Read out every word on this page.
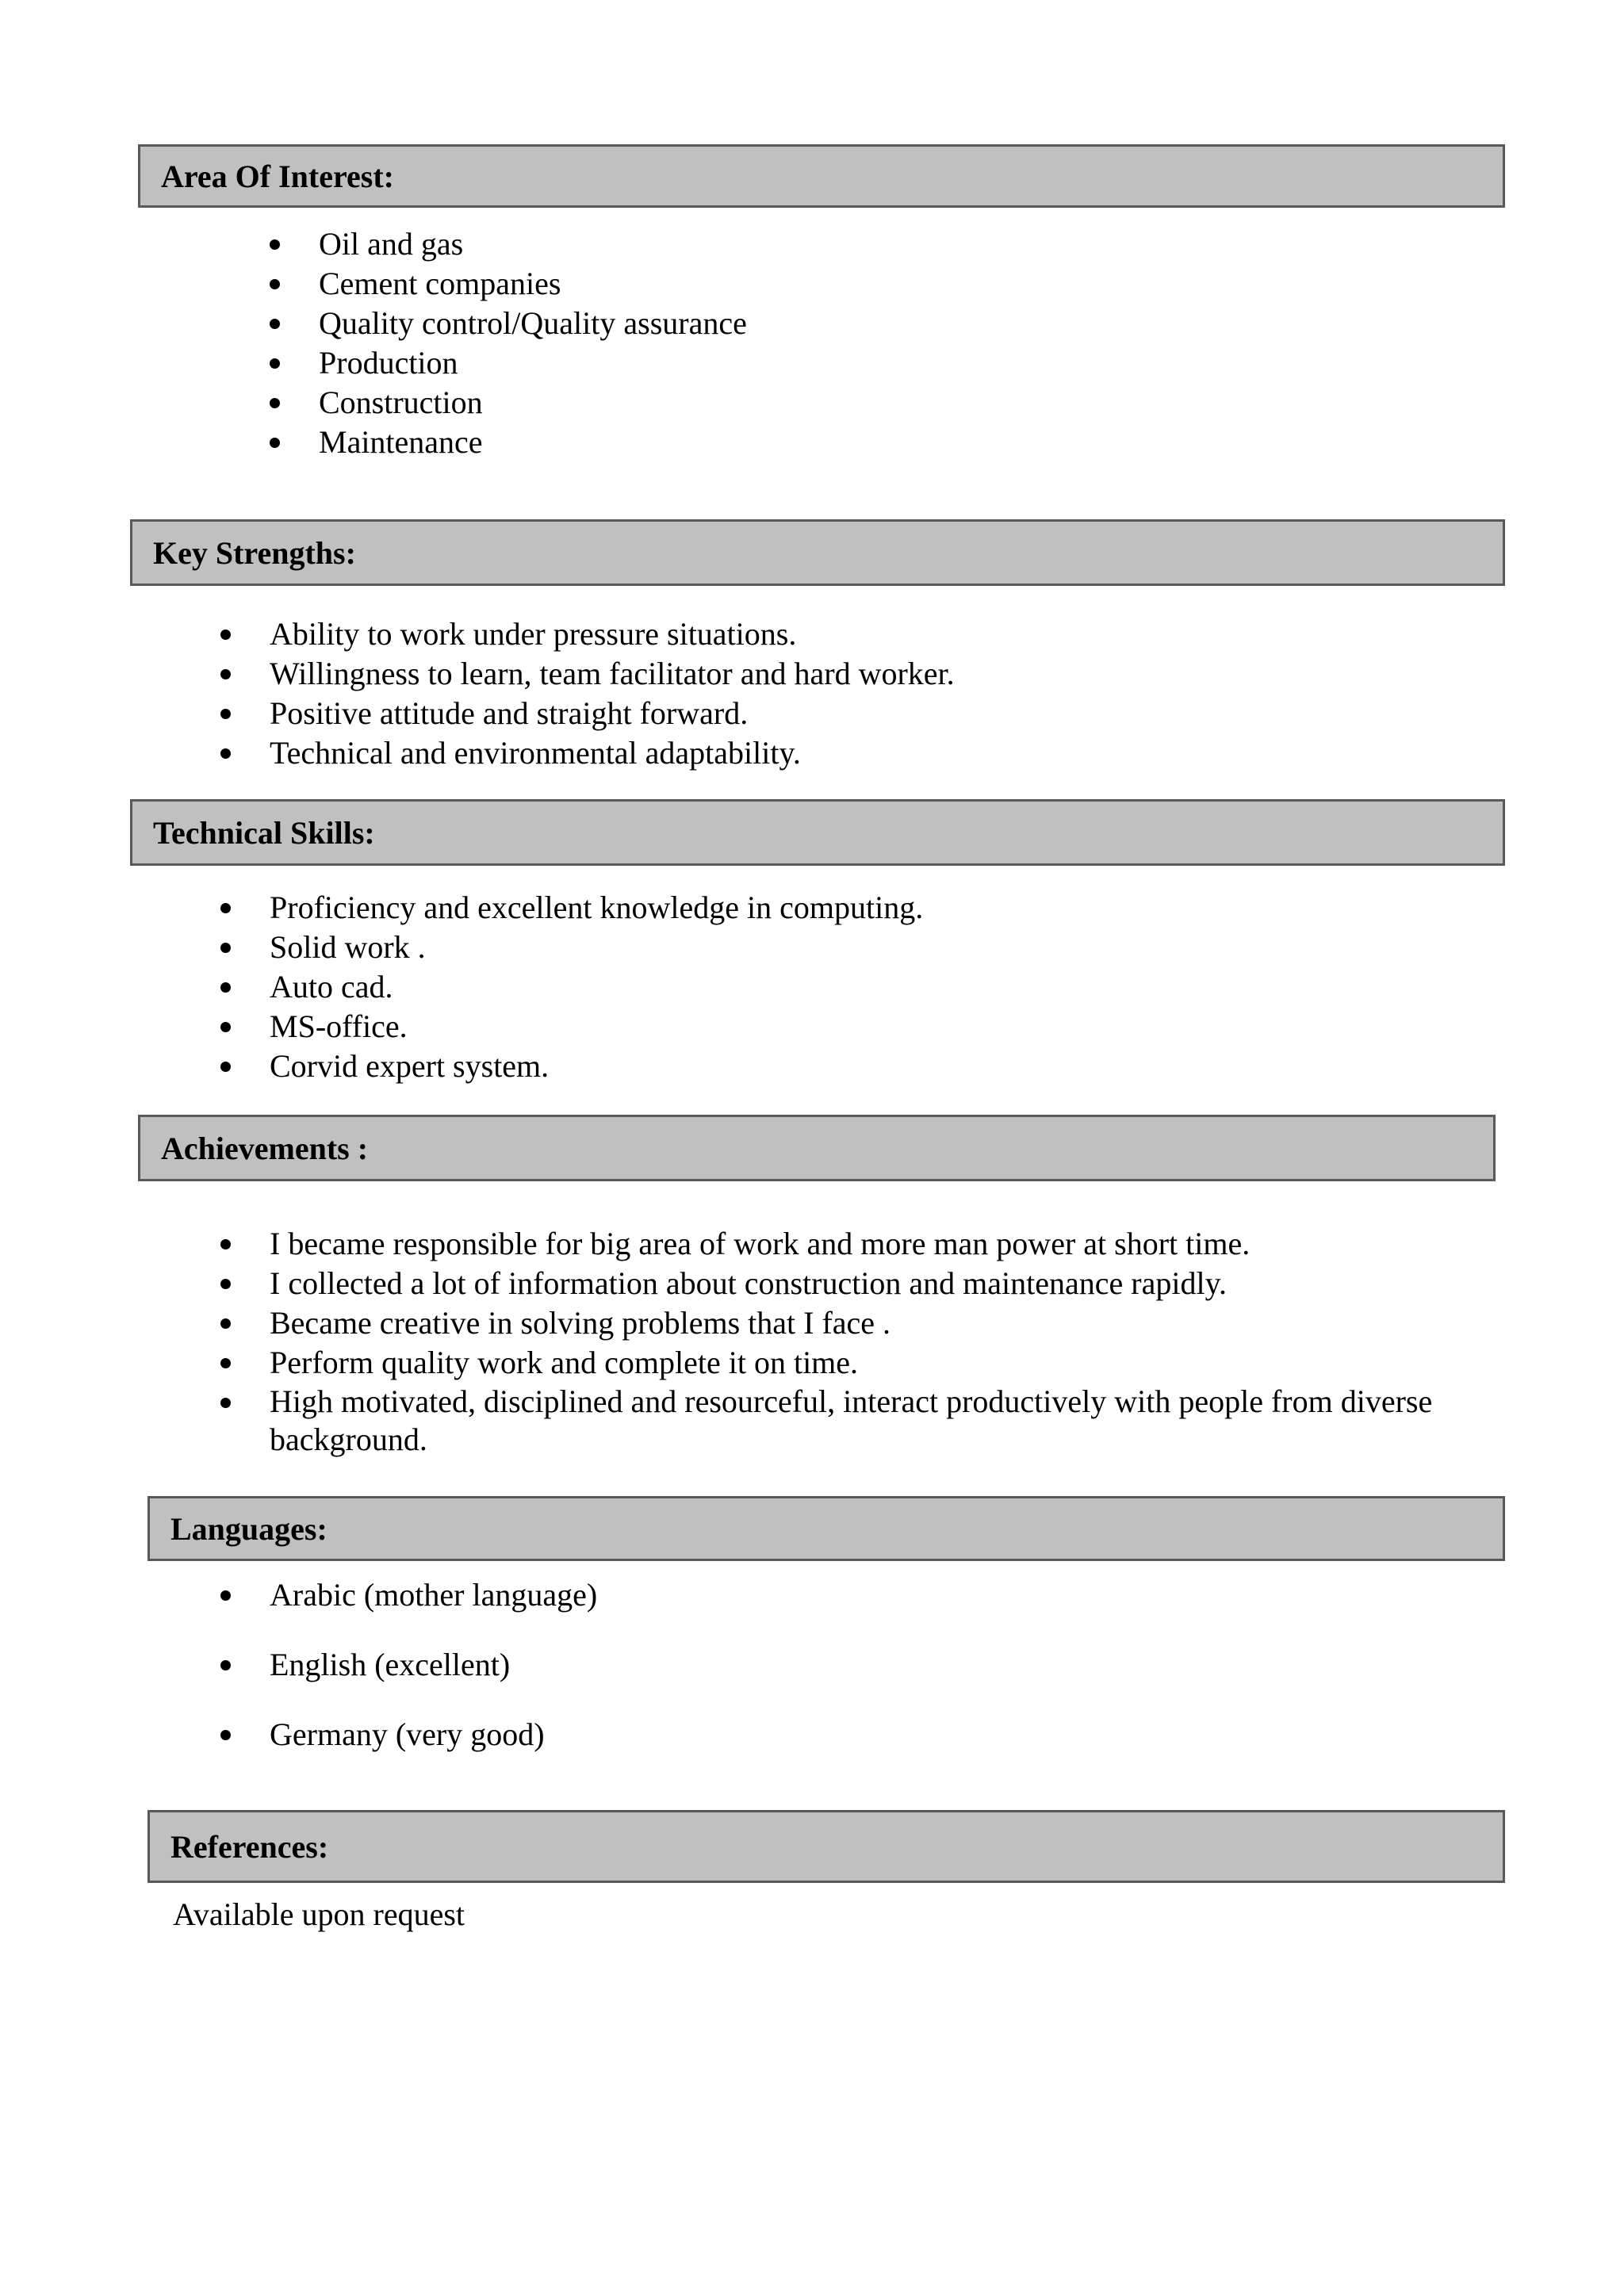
Area Of Interest:
Oil and gas
Cement companies
Quality control/Quality assurance
Production
Construction
Maintenance
Key Strengths:
Ability to work under pressure situations.
Willingness to learn, team facilitator and hard worker.
Positive attitude and straight forward.
Technical and environmental adaptability.
Technical Skills:
Proficiency and excellent knowledge in computing.
Solid work .
Auto cad.
MS-office.
Corvid expert system.
Achievements :
I became responsible for big area of work and more man power at short time.
I collected a lot of information about construction and maintenance rapidly.
Became creative in solving problems that I face .
Perform quality work and complete it on time.
High motivated, disciplined and resourceful, interact productively with people from diverse background.
Languages:
Arabic (mother language)
English (excellent)
Germany (very good)
References:
Available upon request
